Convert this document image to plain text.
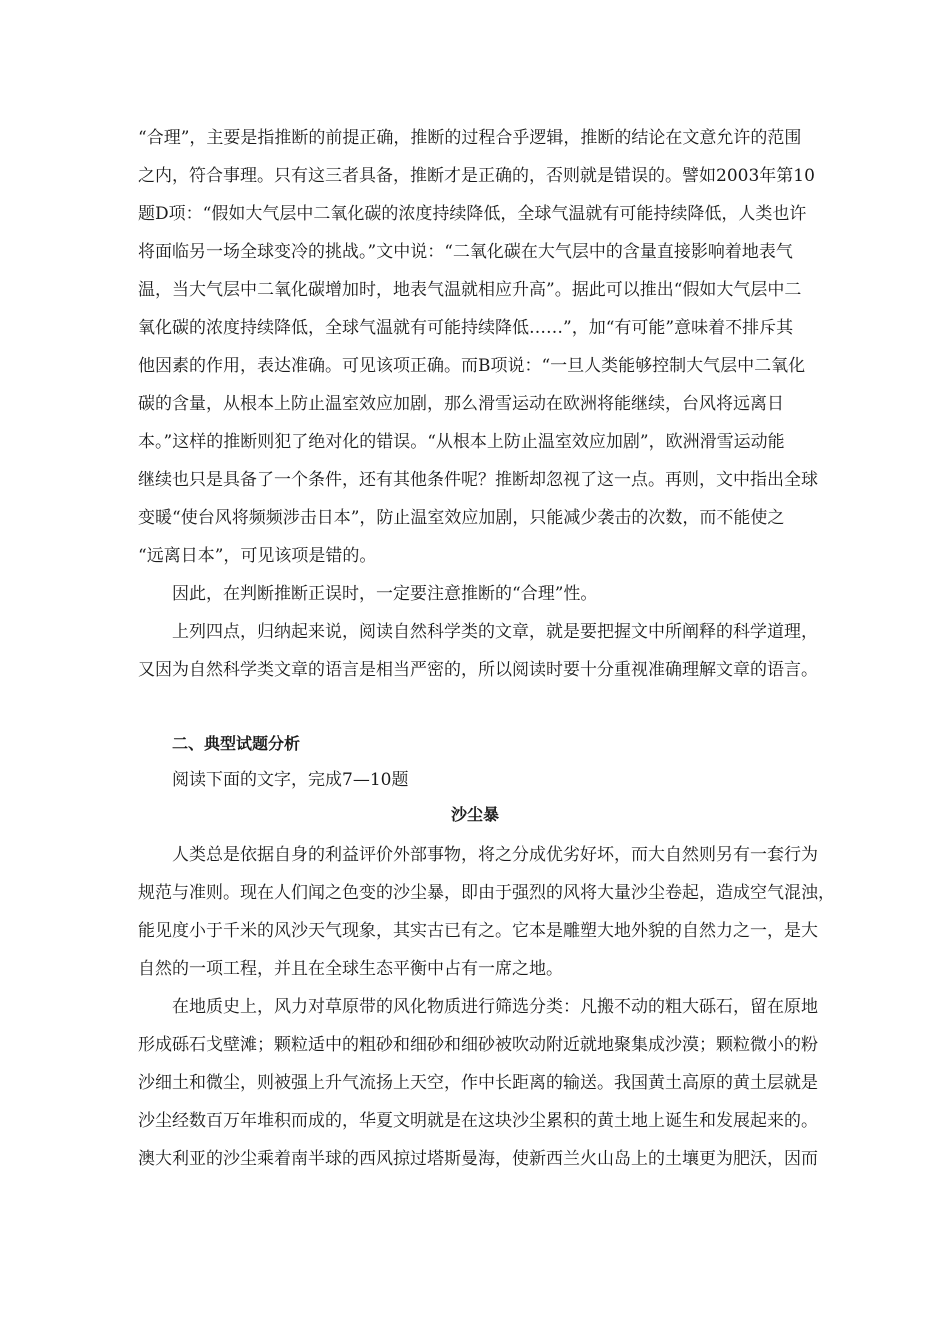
“合理”，主要是指推断的前提正确，推断的过程合乎逻辑，推断的结论在文意允许的范围
之内，符合事理。只有这三者具备，推断才是正确的，否则就是错误的。譬如2003年第10
题D项：“假如大气层中二氧化碳的浓度持续降低，全球气温就有可能持续降低，人类也许
将面临另一场全球变冷的挑战。”文中说：“二氧化碳在大气层中的含量直接影响着地表气
温，当大气层中二氧化碳增加时，地表气温就相应升高”。据此可以推出“假如大气层中二
氧化碳的浓度持续降低，全球气温就有可能持续降低……”，加“有可能”意味着不排斥其
他因素的作用，表达准确。可见该项正确。而B项说：“一旦人类能够控制大气层中二氧化
碳的含量，从根本上防止温室效应加剧，那么滑雪运动在欧洲将能继续，台风将远离日
本。”这样的推断则犯了绝对化的错误。“从根本上防止温室效应加剧”，欧洲滑雪运动能
继续也只是具备了一个条件，还有其他条件呢？推断却忽视了这一点。再则，文中指出全球
变暖“使台风将频频涉击日本”，防止温室效应加剧，只能减少袭击的次数，而不能使之
“远离日本”，可见该项是错的。
因此，在判断推断正误时，一定要注意推断的“合理”性。
上列四点，归纳起来说，阅读自然科学类的文章，就是要把握文中所阐释的科学道理，
又因为自然科学类文章的语言是相当严密的，所以阅读时要十分重视准确理解文章的语言。
二、典型试题分析
阅读下面的文字，完成7—10题
沙尘暴
人类总是依据自身的利益评价外部事物，将之分成优劣好坏，而大自然则另有一套行为
规范与准则。现在人们闻之色变的沙尘暴，即由于强烈的风将大量沙尘卷起，造成空气混浊，
能见度小于千米的风沙天气现象，其实古已有之。它本是雕塑大地外貌的自然力之一，是大
自然的一项工程，并且在全球生态平衡中占有一席之地。
在地质史上，风力对草原带的风化物质进行筛选分类：凡搬不动的粗大砾石，留在原地
形成砾石戈壁滩；颗粒适中的粗砂和细砂和细砂被吹动附近就地聚集成沙漠；颗粒微小的粉
沙细土和微尘，则被强上升气流扬上天空，作中长距离的输送。我国黄土高原的黄土层就是
沙尘经数百万年堆积而成的，华夏文明就是在这块沙尘累积的黄土地上诞生和发展起来的。
澳大利亚的沙尘乘着南半球的西风掠过塔斯曼海，使新西兰火山岛上的土壤更为肥沃，因而
